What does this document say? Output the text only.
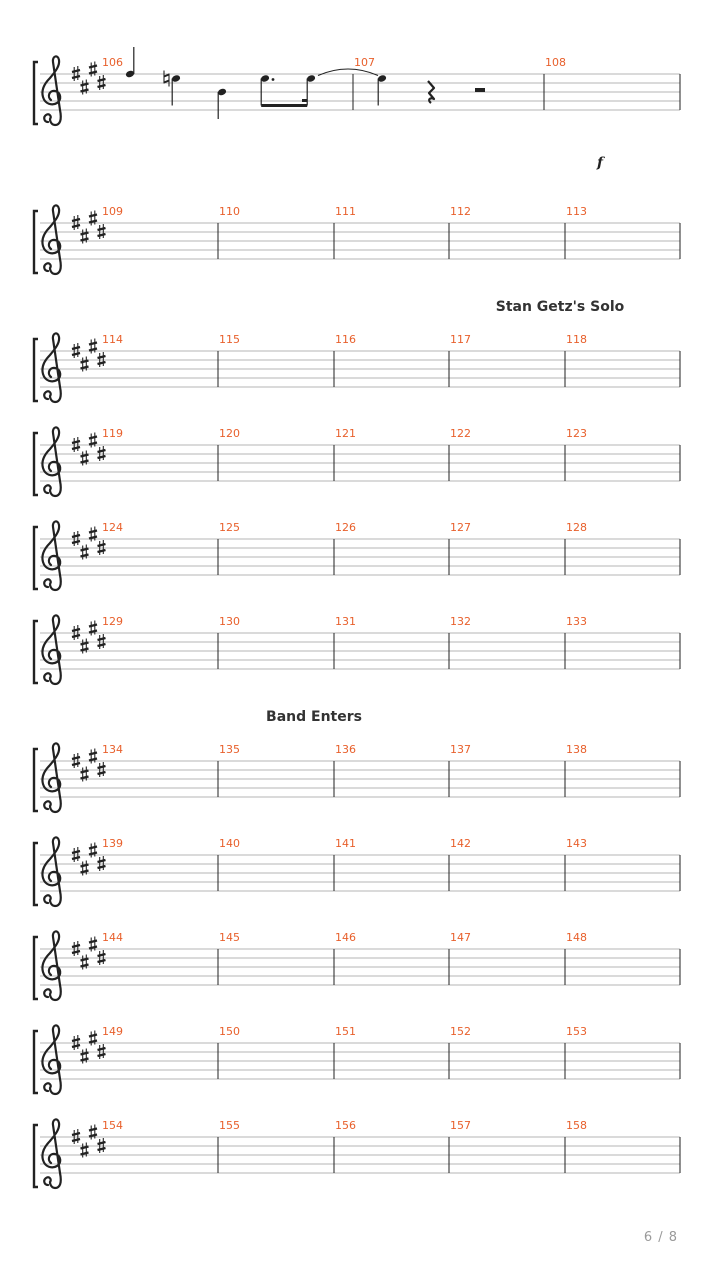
106	107	108
f
109	110	111	112	113
114	115	116	117	118
Stan Getz's Solo
119	120	121	122	123
124	125	126	127	128
129	130	131	132	133
134	135	136	137	138
Band Enters
139	140	141	142	143
144	145	146	147	148
149	150	151	152	153
154	155	156	157	158
6 / 8
